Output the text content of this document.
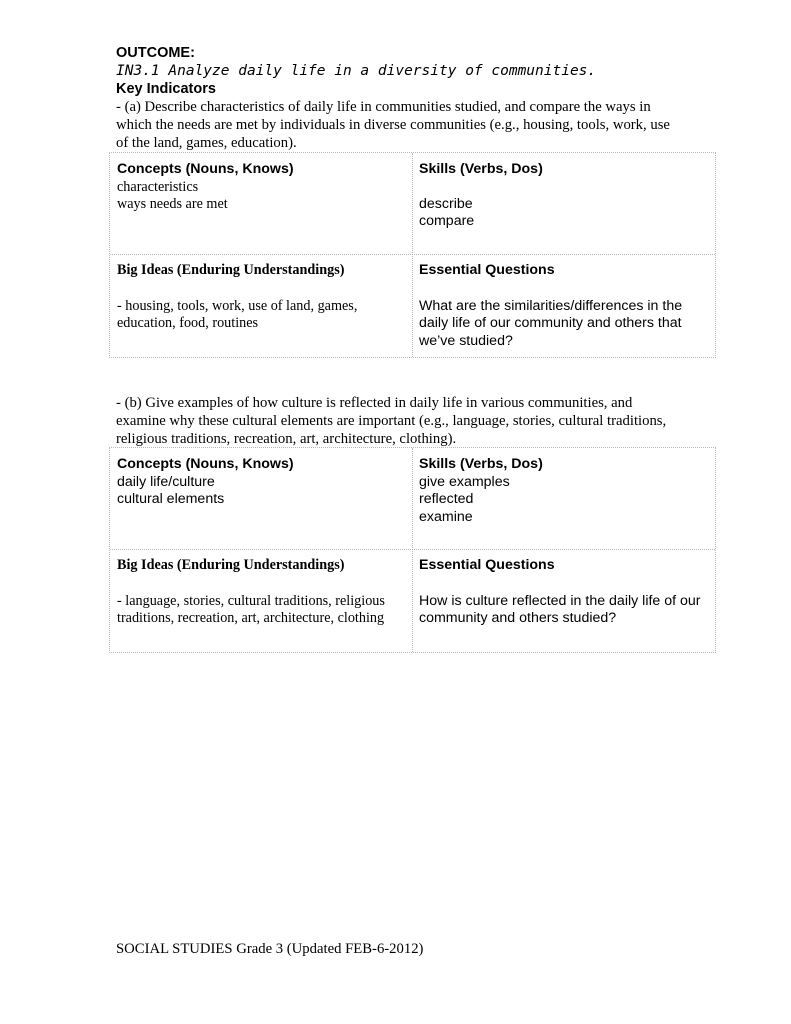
OUTCOME:
IN3.1 Analyze daily life in a diversity of communities.
Key Indicators
- (a) Describe characteristics of daily life in communities studied, and compare the ways in which the needs are met by individuals in diverse communities (e.g., housing, tools, work, use of the land, games, education).
Concepts (Nouns, Knows)
characteristics
ways needs are met
Skills (Verbs, Dos)
describe
compare
Big Ideas (Enduring Understandings)
- housing, tools, work, use of land, games, education, food, routines
Essential Questions
What are the similarities/differences in the daily life of our community and others that we’ve studied?
- (b) Give examples of how culture is reflected in daily life in various communities, and examine why these cultural elements are important (e.g., language, stories, cultural traditions, religious traditions, recreation, art, architecture, clothing).
Concepts (Nouns, Knows)
daily life/culture
cultural elements
Skills (Verbs, Dos)
give examples
reflected
examine
Big Ideas (Enduring Understandings)
- language, stories, cultural traditions, religious traditions, recreation, art, architecture, clothing
Essential Questions
How is culture reflected in the daily life of our community and others studied?
SOCIAL STUDIES Grade 3 (Updated FEB-6-2012)
